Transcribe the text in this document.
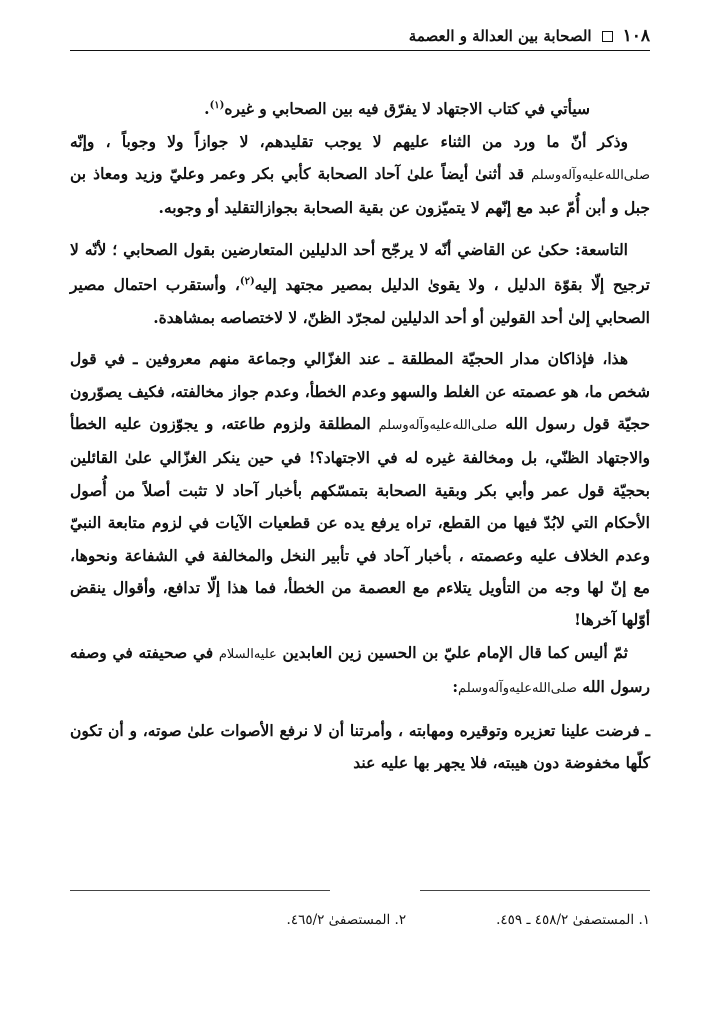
١٠٨
الصحابة بين العدالة و العصمة

سيأتي في كتاب الاجتهاد لا يفرّق فيه بين الصحابي و غيره$^{(١)}$.

وذكر أنّ ما ورد من الثناء عليهم لا يوجب تقليدهم، لا جوازاً ولا وجوباً ، وإنّه صلی‌الله‌علیه‌وآله‌وسلم قد أثنىٰ أيضاً علىٰ آحاد الصحابة كأبي بكر وعمر وعليّ وزيد ومعاذ بن جبل و أبن أُمّ عبد مع إنّهم لا يتميّزون عن بقية الصحابة بجوازالتقليد أو وجوبه.

التاسعة: حكىٰ عن القاضي أنّه لا يرجّح أحد الدليلين المتعارضين بقول الصحابي ؛ لأنّه لا ترجيح إلّا بقوّة الدليل ، ولا يقوىٰ الدليل بمصير مجتهد إليه$^{(٢)}$، وأستقرب احتمال مصير الصحابي إلىٰ أحد القولين أو أحد الدليلين لمجرّد الظنّ، لا لاختصاصه بمشاهدة.

هذا، فإذاكان مدار الحجيّة المطلقة ـ عند الغزّالي وجماعة منهم معروفين ـ في قول شخص ما، هو عصمته عن الغلط والسهو وعدم الخطأ، وعدم جواز مخالفته، فكيف يصوّرون حجيّة قول رسول الله صلی‌الله‌علیه‌وآله‌وسلم المطلقة ولزوم طاعته، و يجوّزون عليه الخطأ والاجتهاد الظنّي، بل ومخالفة غيره له في الاجتهاد؟! في حين ينكر الغزّالي علىٰ القائلين بحجيّة قول عمر وأبي بكر وبقية الصحابة بتمسّكهم بأخبار آحاد لا تثبت أصلاً من أُصول الأحكام التي لابُدّ فيها من القطع، تراه يرفع يده عن قطعيات الآيات في لزوم متابعة النبيّ وعدم الخلاف عليه وعصمته ، بأخبار آحاد في تأبير النخل والمخالفة في الشفاعة ونحوها، مع إنّ لها وجه من التأويل يتلاءم مع العصمة من الخطأ، فما هذا إلّا تدافع، وأقوال ينقض أوّلها آخرها!

ثمّ أليس كما قال الإمام عليّ بن الحسين زين العابدين علیه‌السلام في صحيفته في وصفه رسول الله صلی‌الله‌علیه‌وآله‌وسلم:

ـ فرضت علينا تعزيره وتوقيره ومهابته ، وأمرتنا أن لا نرفع الأصوات علىٰ صوته، و أن تكون كلّها مخفوضة دون هيبته، فلا يجهر بها عليه عند

١. المستصفىٰ ٤٥٨/٢ ـ ٤٥٩.
٢. المستصفىٰ ٤٦٥/٢.
